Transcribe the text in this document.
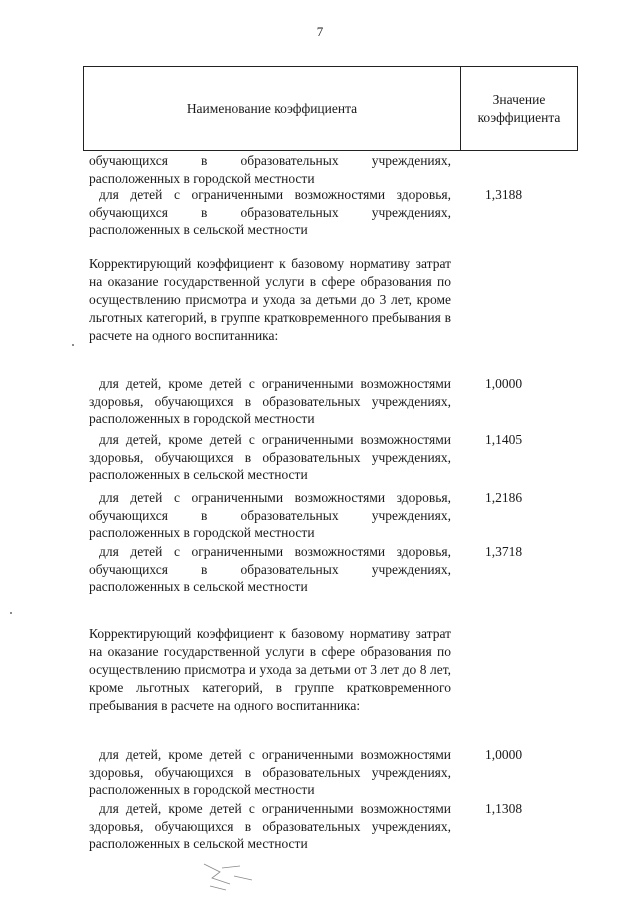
7
Наименование коэффициента
Значение
коэффициента
обучающихся в образовательных учреждениях, расположенных в городской местности
для детей с ограниченными возможностями здоровья, обучающихся в образовательных учреждениях, расположенных в сельской местности
1,3188
Корректирующий коэффициент к базовому нормативу затрат на оказание государственной услуги в сфере образования по осуществлению присмотра и ухода за детьми до 3 лет, кроме льготных категорий, в группе кратковременного пребывания в расчете на одного воспитанника:
для детей, кроме детей с ограниченными возможностями здоровья, обучающихся в образовательных учреждениях, расположенных в городской местности
1,0000
для детей, кроме детей с ограниченными возможностями здоровья, обучающихся в образовательных учреждениях, расположенных в сельской местности
1,1405
для детей с ограниченными возможностями здоровья, обучающихся в образовательных учреждениях, расположенных в городской местности
1,2186
для детей с ограниченными возможностями здоровья, обучающихся в образовательных учреждениях, расположенных в сельской местности
1,3718
Корректирующий коэффициент к базовому нормативу затрат на оказание государственной услуги в сфере образования по осуществлению присмотра и ухода за детьми от 3 лет до 8 лет, кроме льготных категорий, в группе кратковременного пребывания в расчете на одного воспитанника:
для детей, кроме детей с ограниченными возможностями здоровья, обучающихся в образовательных учреждениях, расположенных в городской местности
1,0000
для детей, кроме детей с ограниченными возможностями здоровья, обучающихся в образовательных учреждениях, расположенных в сельской местности
1,1308
